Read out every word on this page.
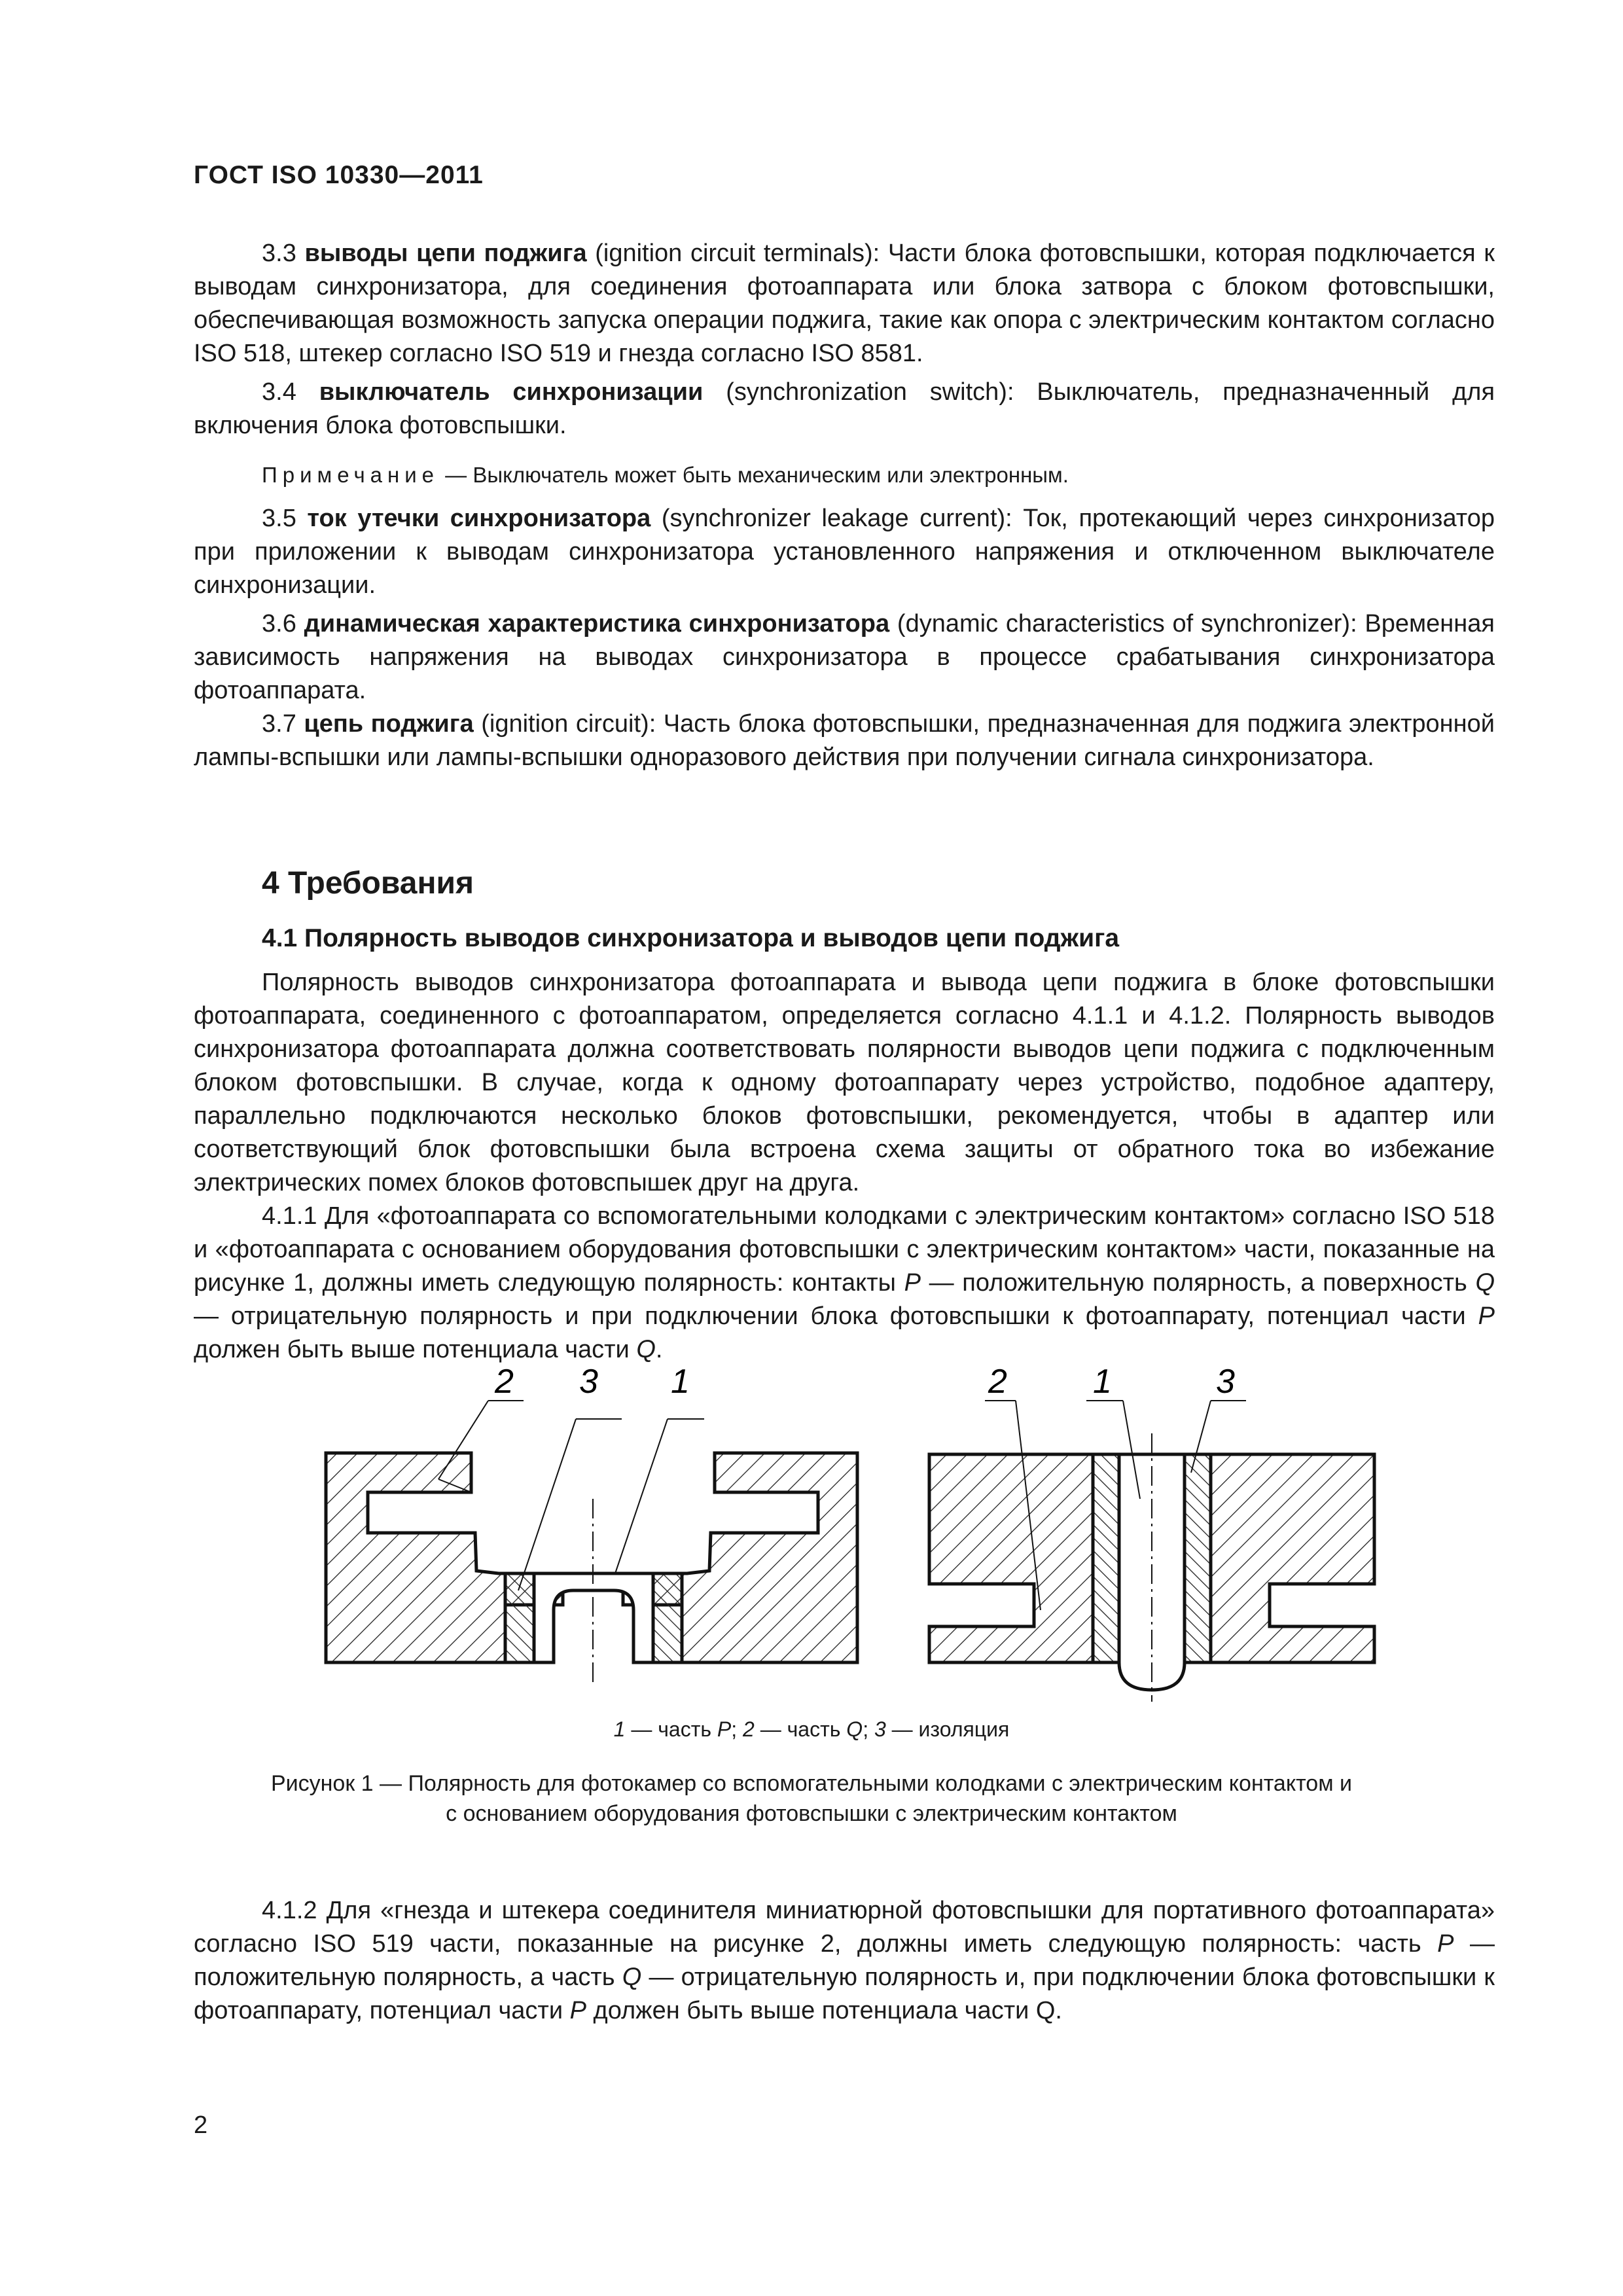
ГОСТ ISO 10330—2011

3.3 выводы цепи поджига (ignition circuit terminals): Части блока фотовспышки, которая подключается к выводам синхронизатора, для соединения фотоаппарата или блока затвора с блоком фотовспышки, обеспечивающая возможность запуска операции поджига, такие как опора с электрическим контактом согласно ISO 518, штекер согласно ISO 519 и гнезда согласно ISO 8581.

3.4 выключатель синхронизации (synchronization switch): Выключатель, предназначенный для включения блока фотовспышки.

Примечание — Выключатель может быть механическим или электронным.

3.5 ток утечки синхронизатора (synchronizer leakage current): Ток, протекающий через синхронизатор при приложении к выводам синхронизатора установленного напряжения и отключенном выключателе синхронизации.

3.6 динамическая характеристика синхронизатора (dynamic characteristics of synchronizer): Временная зависимость напряжения на выводах синхронизатора в процессе срабатывания синхронизатора фотоаппарата.

3.7 цепь поджига (ignition circuit): Часть блока фотовспышки, предназначенная для поджига электронной лампы-вспышки или лампы-вспышки одноразового действия при получении сигнала синхронизатора.

4 Требования
4.1 Полярность выводов синхронизатора и выводов цепи поджига

Полярность выводов синхронизатора фотоаппарата и вывода цепи поджига в блоке фотовспышки фотоаппарата, соединенного с фотоаппаратом, определяется согласно 4.1.1 и 4.1.2. Полярность выводов синхронизатора фотоаппарата должна соответствовать полярности выводов цепи поджига с подключенным блоком фотовспышки. В случае, когда к одному фотоаппарату через устройство, подобное адаптеру, параллельно подключаются несколько блоков фотовспышки, рекомендуется, чтобы в адаптер или соответствующий блок фотовспышки была встроена схема защиты от обратного тока во избежание электрических помех блоков фотовспышек друг на друга.

4.1.1 Для «фотоаппарата со вспомогательными колодками с электрическим контактом» согласно ISO 518 и «фотоаппарата с основанием оборудования фотовспышки с электрическим контактом» части, показанные на рисунке 1, должны иметь следующую полярность: контакты P — положительную полярность, а поверхность Q — отрицательную полярность и при подключении блока фотовспышки к фотоаппарату, потенциал части P должен быть выше потенциала части Q.

2 3 1	2	1	3
1 — часть P; 2 — часть Q; 3 — изоляция
Рисунок 1 — Полярность для фотокамер со вспомогательными колодками с электрическим контактом и
с основанием оборудования фотовспышки с электрическим контактом

4.1.2 Для «гнезда и штекера соединителя миниатюрной фотовспышки для портативного фотоаппарата» согласно ISO 519 части, показанные на рисунке 2, должны иметь следующую полярность: часть P — положительную полярность, а часть Q — отрицательную полярность и, при подключении блока фотовспышки к фотоаппарату, потенциал части P должен быть выше потенциала части Q.

2
